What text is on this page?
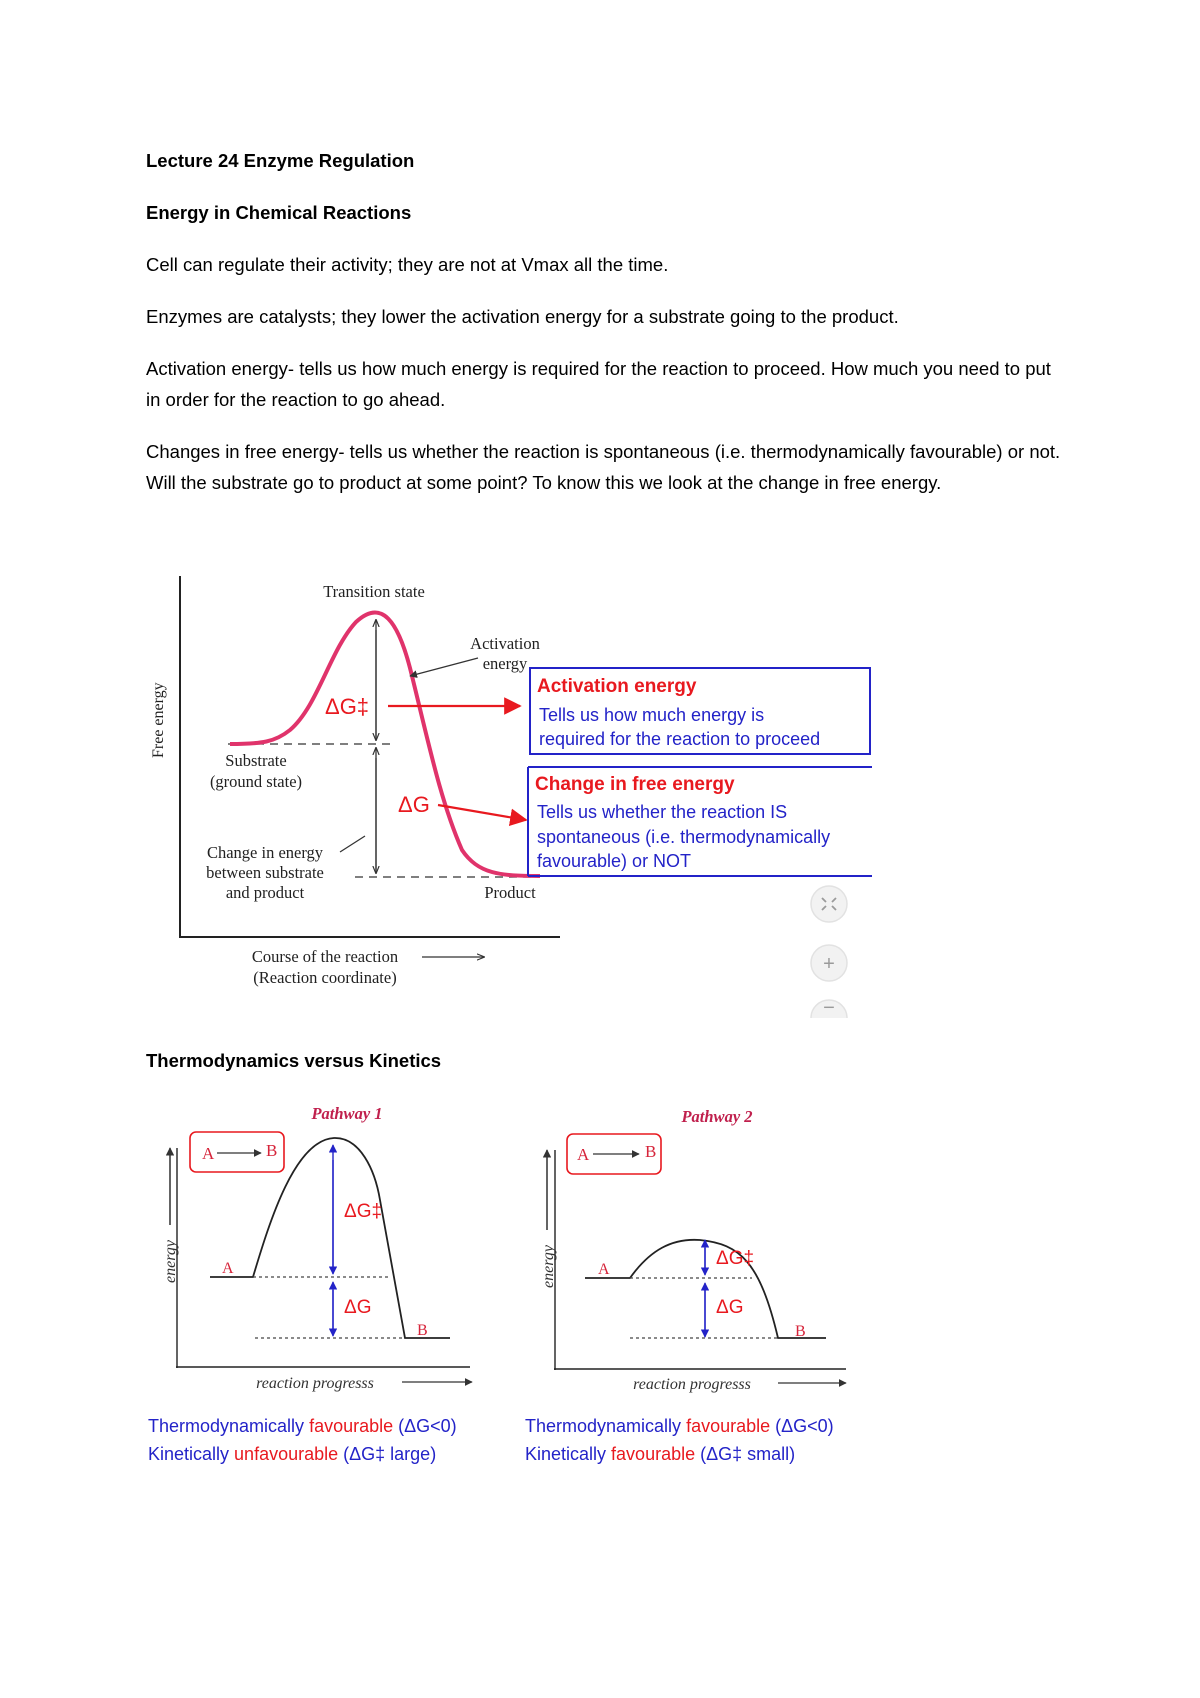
Lecture 24 Enzyme Regulation
Energy in Chemical Reactions
Cell can regulate their activity; they are not at Vmax all the time.
Enzymes are catalysts; they lower the activation energy for a substrate going to the product.
Activation energy- tells us how much energy is required for the reaction to proceed. How much you need to put in order for the reaction to go ahead.
Changes in free energy- tells us whether the reaction is spontaneous (i.e. thermodynamically favourable) or not. Will the substrate go to product at some point? To know this we look at the change in free energy.
Thermodynamics versus Kinetics
Free energy
Transition state
Activation
energy
Substrate
(ground state)
Change in energy
between substrate
and product	Product
Course of the reaction
(Reaction coordinate)
ΔG‡
ΔG
Activation energy
Tells us how much energy is
required for the reaction to proceed
Change in free energy
Tells us whether the reaction IS
spontaneous (i.e. thermodynamically
favourable) or NOT
+
−
Pathway 1
energy
reaction progresss
A	B
A
B
ΔG‡
ΔG
Thermodynamically favourable (ΔG<0)
Kinetically unfavourable (ΔG‡ large)
Pathway 2
energy
reaction progresss
A	B
A
B
ΔG‡
ΔG
Thermodynamically favourable (ΔG<0)
Kinetically favourable (ΔG‡ small)
